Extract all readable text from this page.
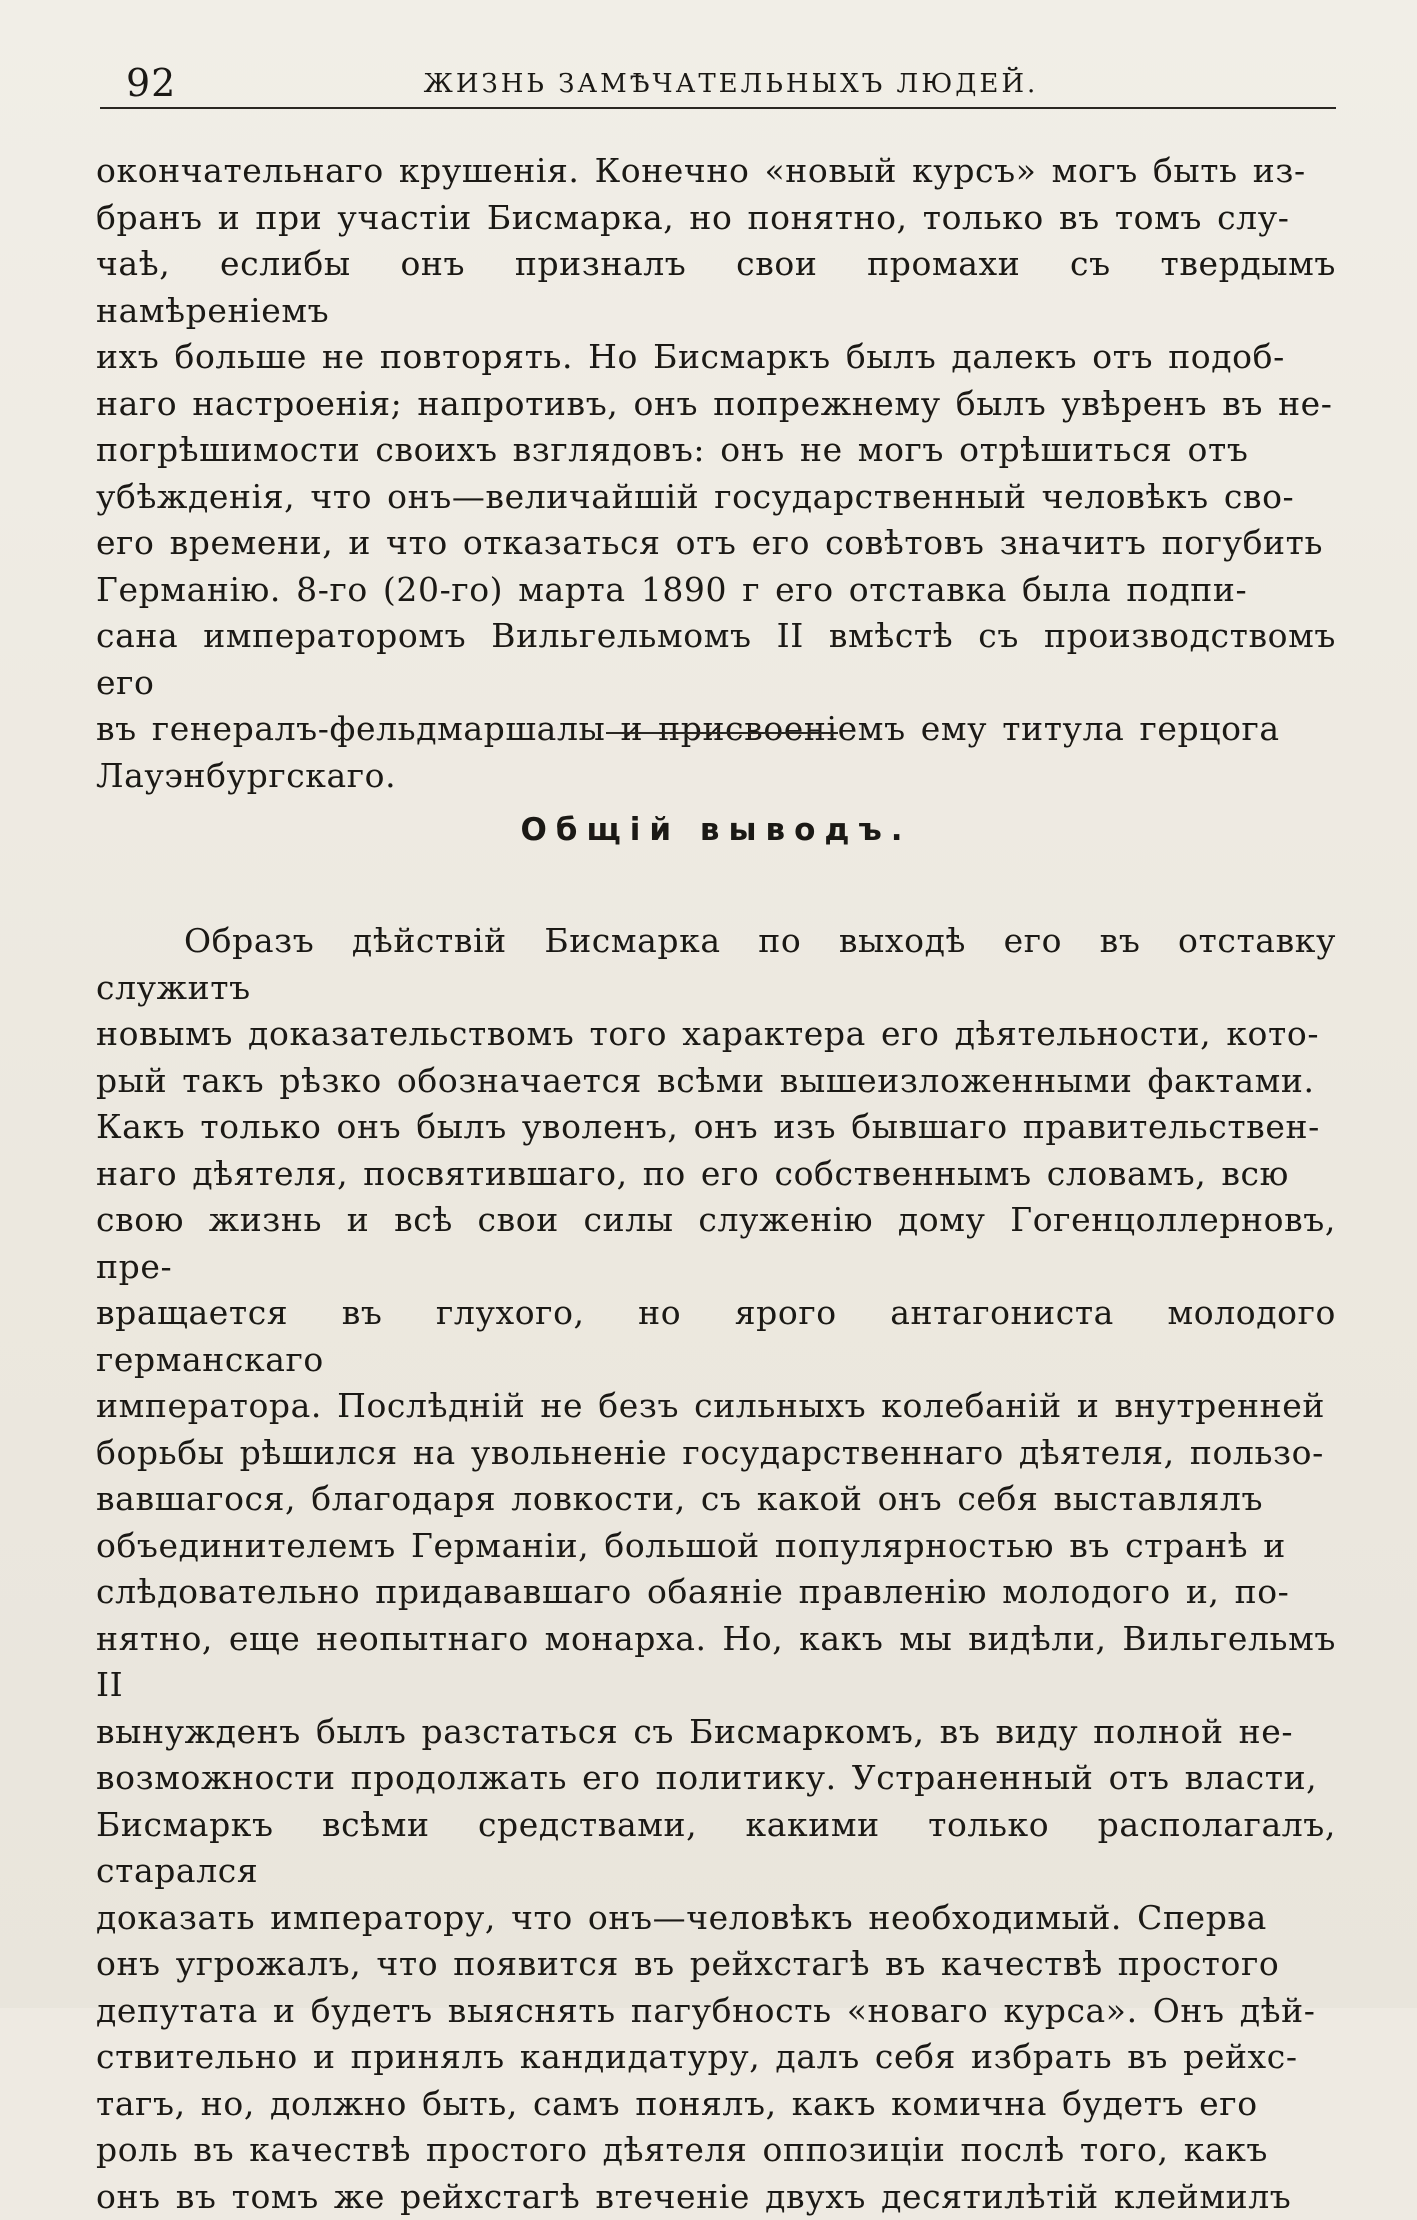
92	ЖИЗНЬ ЗАМѢЧАТЕЛЬНЫХЪ ЛЮДЕЙ.

окончательнаго крушенія. Конечно «новый курсъ» могъ быть из-
бранъ и при участіи Бисмарка, но понятно, только въ томъ слу-
чаѣ, еслибы онъ призналъ свои промахи съ твердымъ намѣреніемъ
ихъ больше не повторять. Но Бисмаркъ былъ далекъ отъ подоб-
наго настроенія; напротивъ, онъ попрежнему былъ увѣренъ въ не-
погрѣшимости своихъ взглядовъ: онъ не могъ отрѣшиться отъ
убѣжденія, что онъ—величайшій государственный человѣкъ сво-
его времени, и что отказаться отъ его совѣтовъ значитъ погубить
Германію. 8-го (20-го) марта 1890 г его отставка была подпи-
сана императоромъ Вильгельмомъ II вмѣстѣ съ производствомъ его
въ генералъ-фельдмаршалы и присвоеніемъ ему титула герцога
Лауэнбургскаго.

Общій выводъ.

Образъ дѣйствій Бисмарка по выходѣ его въ отставку служитъ
новымъ доказательствомъ того характера его дѣятельности, кото-
рый такъ рѣзко обозначается всѣми вышеизложенными фактами.
Какъ только онъ былъ уволенъ, онъ изъ бывшаго правительствен-
наго дѣятеля, посвятившаго, по его собственнымъ словамъ, всю
свою жизнь и всѣ свои силы служенію дому Гогенцоллерновъ, пре-
вращается въ глухого, но ярого антагониста молодого германскаго
императора. Послѣдній не безъ сильныхъ колебаній и внутренней
борьбы рѣшился на увольненіе государственнаго дѣятеля, пользо-
вавшагося, благодаря ловкости, съ какой онъ себя выставлялъ
объединителемъ Германіи, большой популярностью въ странѣ и
слѣдовательно придававшаго обаяніе правленію молодого и, по-
нятно, еще неопытнаго монарха. Но, какъ мы видѣли, Вильгельмъ II
вынужденъ былъ разстаться съ Бисмаркомъ, въ виду полной не-
возможности продолжать его политику. Устраненный отъ власти,
Бисмаркъ всѣми средствами, какими только располагалъ, старался
доказать императору, что онъ—человѣкъ необходимый. Сперва
онъ угрожалъ, что появится въ рейхстагѣ въ качествѣ простого
депутата и будетъ выяснять пагубность «новаго курса». Онъ дѣй-
ствительно и принялъ кандидатуру, далъ себя избрать въ рейхс-
тагъ, но, должно быть, самъ понялъ, какъ комична будетъ его
роль въ качествѣ простого дѣятеля оппозиціи послѣ того, какъ
онъ въ томъ же рейхстагѣ втеченіе двухъ десятилѣтій клеймилъ
